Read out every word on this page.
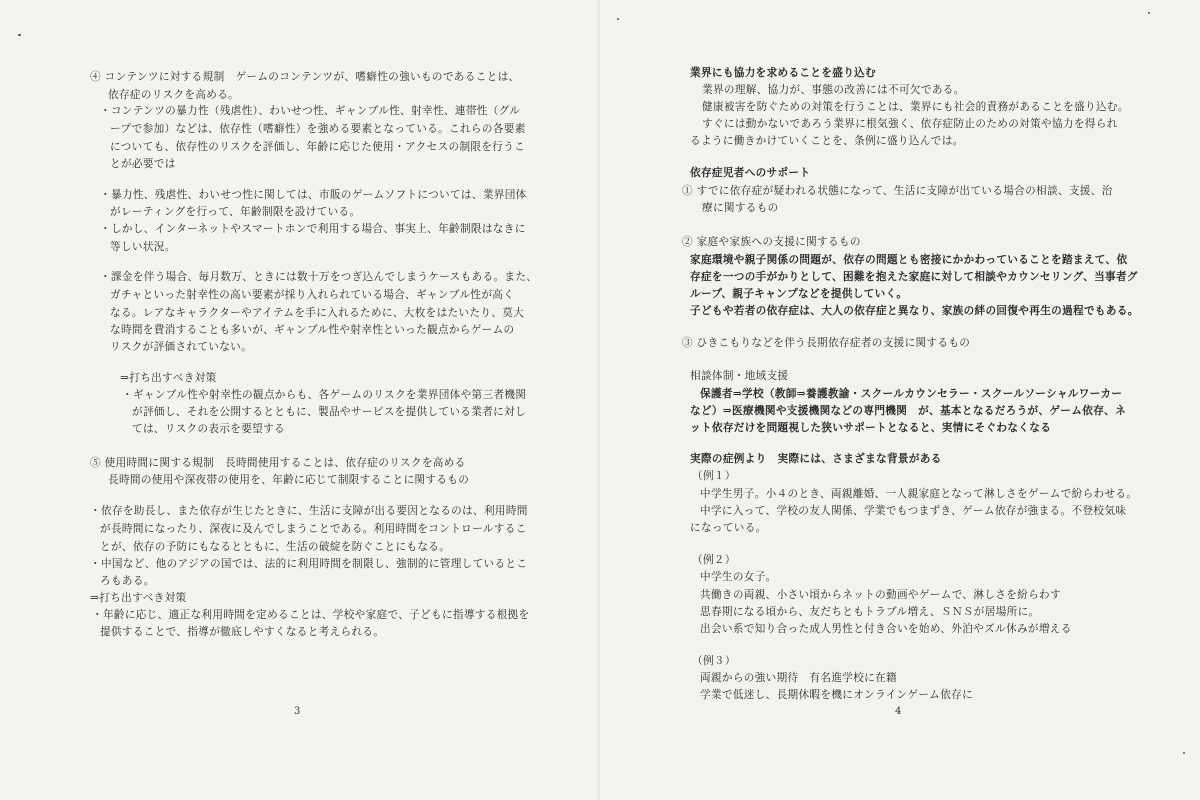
④ コンテンツに対する規制　ゲームのコンテンツが、嗜癖性の強いものであることは、
依存症のリスクを高める。
・コンテンツの暴力性（残虐性）、わいせつ性、ギャンブル性、射幸性、連帯性（グル
ープで参加）などは、依存性（嗜癖性）を強める要素となっている。これらの各要素
についても、依存性のリスクを評価し、年齢に応じた使用・アクセスの制限を行うこ
とが必要では
・暴力性、残虐性、わいせつ性に関しては、市販のゲームソフトについては、業界団体
がレーティングを行って、年齢制限を設けている。
・しかし、インターネットやスマートホンで利用する場合、事実上、年齢制限はなきに
等しい状況。
・課金を伴う場合、毎月数万、ときには数十万をつぎ込んでしまうケースもある。また、
ガチャといった射幸性の高い要素が採り入れられている場合、ギャンブル性が高く
なる。レアなキャラクターやアイテムを手に入れるために、大枚をはたいたり、莫大
な時間を費消することも多いが、ギャンブル性や射幸性といった観点からゲームの
リスクが評価されていない。
⇒打ち出すべき対策
・ギャンブル性や射幸性の観点からも、各ゲームのリスクを業界団体や第三者機関
が評価し、それを公開するとともに、製品やサービスを提供している業者に対し
ては、リスクの表示を要望する
⑤ 使用時間に関する規制　長時間使用することは、依存症のリスクを高める
長時間の使用や深夜帯の使用を、年齢に応じて制限することに関するもの
・依存を助長し、また依存が生じたときに、生活に支障が出る要因となるのは、利用時間
が長時間になったり、深夜に及んでしまうことである。利用時間をコントロールするこ
とが、依存の予防にもなるとともに、生活の破綻を防ぐことにもなる。
・中国など、他のアジアの国では、法的に利用時間を制限し、強制的に管理しているとこ
ろもある。
⇒打ち出すべき対策
・年齢に応じ、適正な利用時間を定めることは、学校や家庭で、子どもに指導する根拠を
提供することで、指導が徹底しやすくなると考えられる。
3
業界にも協力を求めることを盛り込む
業界の理解、協力が、事態の改善には不可欠である。
健康被害を防ぐための対策を行うことは、業界にも社会的責務があることを盛り込む。
すぐには動かないであろう業界に根気強く、依存症防止のための対策や協力を得られ
るように働きかけていくことを、条例に盛り込んでは。
依存症児者へのサポート
① すでに依存症が疑われる状態になって、生活に支障が出ている場合の相談、支援、治
療に関するもの
② 家庭や家族への支援に関するもの
家庭環境や親子関係の問題が、依存の問題とも密接にかかわっていることを踏まえて、依
存症を一つの手がかりとして、困難を抱えた家庭に対して相談やカウンセリング、当事者グ
ループ、親子キャンプなどを提供していく。
子どもや若者の依存症は、大人の依存症と異なり、家族の絆の回復や再生の過程でもある。
③ ひきこもりなどを伴う長期依存症者の支援に関するもの
相談体制・地域支援
保護者⇒学校（教師⇒養護教諭・スクールカウンセラー・スクールソーシャルワーカー
など）⇒医療機関や支援機関などの専門機関　が、基本となるだろうが、ゲーム依存、ネ
ット依存だけを問題視した狭いサポートとなると、実情にそぐわなくなる
実際の症例より　実際には、さまざまな背景がある
（例１）
中学生男子。小４のとき、両親離婚、一人親家庭となって淋しさをゲームで紛らわせる。
中学に入って、学校の友人関係、学業でもつまずき、ゲーム依存が強まる。不登校気味
になっている。
（例２）
中学生の女子。
共働きの両親、小さい頃からネットの動画やゲームで、淋しさを紛らわす
思春期になる頃から、友だちともトラブル増え、ＳＮＳが居場所に。
出会い系で知り合った成人男性と付き合いを始め、外泊やズル休みが増える
（例３）
両親からの強い期待　有名進学校に在籍
学業で低迷し、長期休暇を機にオンラインゲーム依存に
4
